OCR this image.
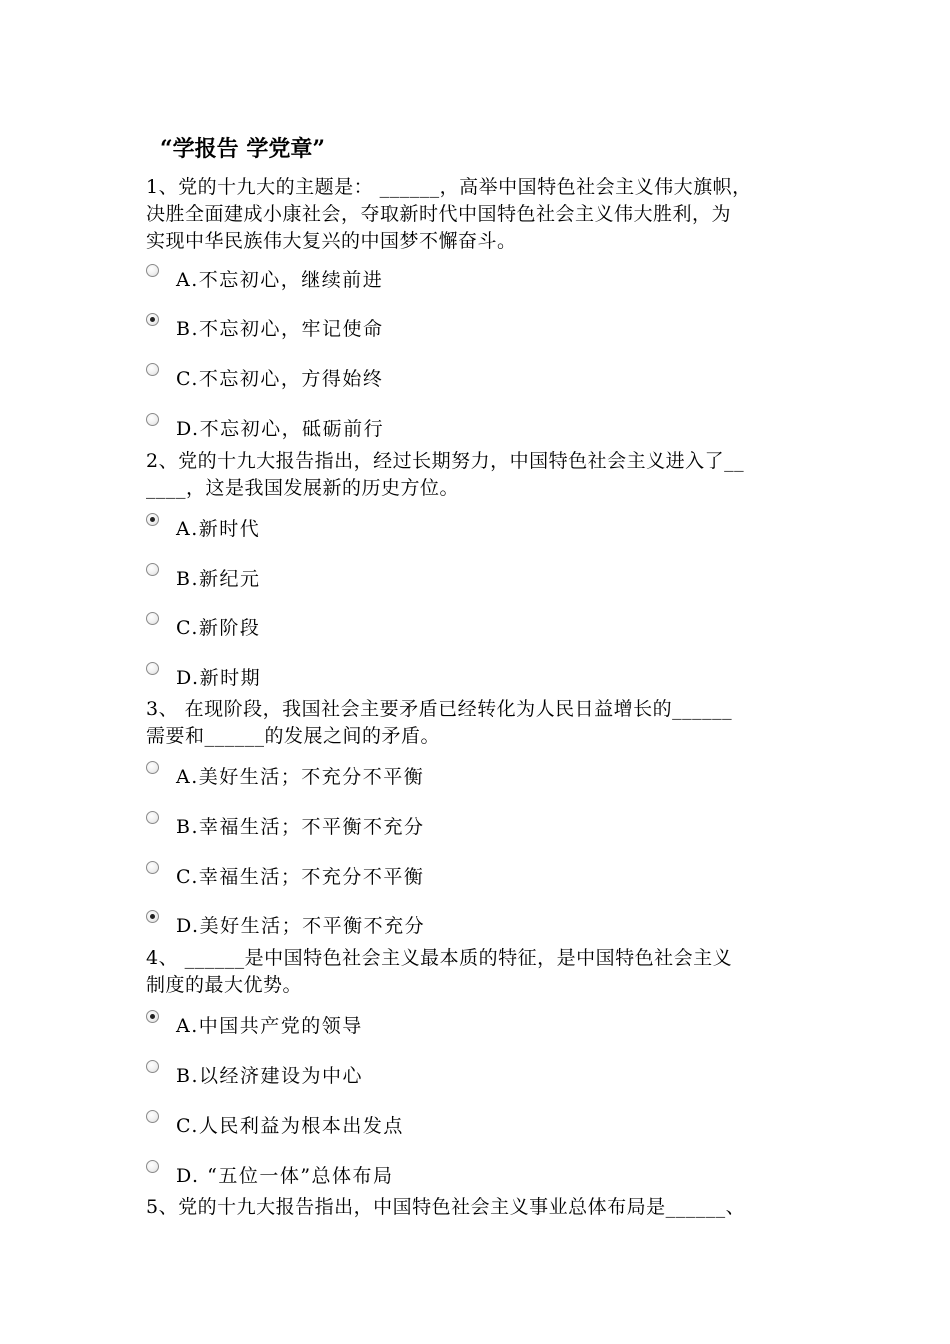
“学报告 学党章”
1、党的十九大的主题是： ______，高举中国特色社会主义伟大旗帜，
决胜全面建成小康社会，夺取新时代中国特色社会主义伟大胜利，为
实现中华民族伟大复兴的中国梦不懈奋斗。
A.不忘初心，继续前进
B.不忘初心，牢记使命
C.不忘初心，方得始终
D.不忘初心，砥砺前行
2、党的十九大报告指出，经过长期努力，中国特色社会主义进入了__
____，这是我国发展新的历史方位。
A.新时代
B.新纪元
C.新阶段
D.新时期
3、 在现阶段，我国社会主要矛盾已经转化为人民日益增长的______
需要和______的发展之间的矛盾。
A.美好生活；不充分不平衡
B.幸福生活；不平衡不充分
C.幸福生活；不充分不平衡
D.美好生活；不平衡不充分
4、 ______是中国特色社会主义最本质的特征，是中国特色社会主义
制度的最大优势。
A.中国共产党的领导
B.以经济建设为中心
C.人民利益为根本出发点
D. “五位一体”总体布局
5、党的十九大报告指出，中国特色社会主义事业总体布局是______、
